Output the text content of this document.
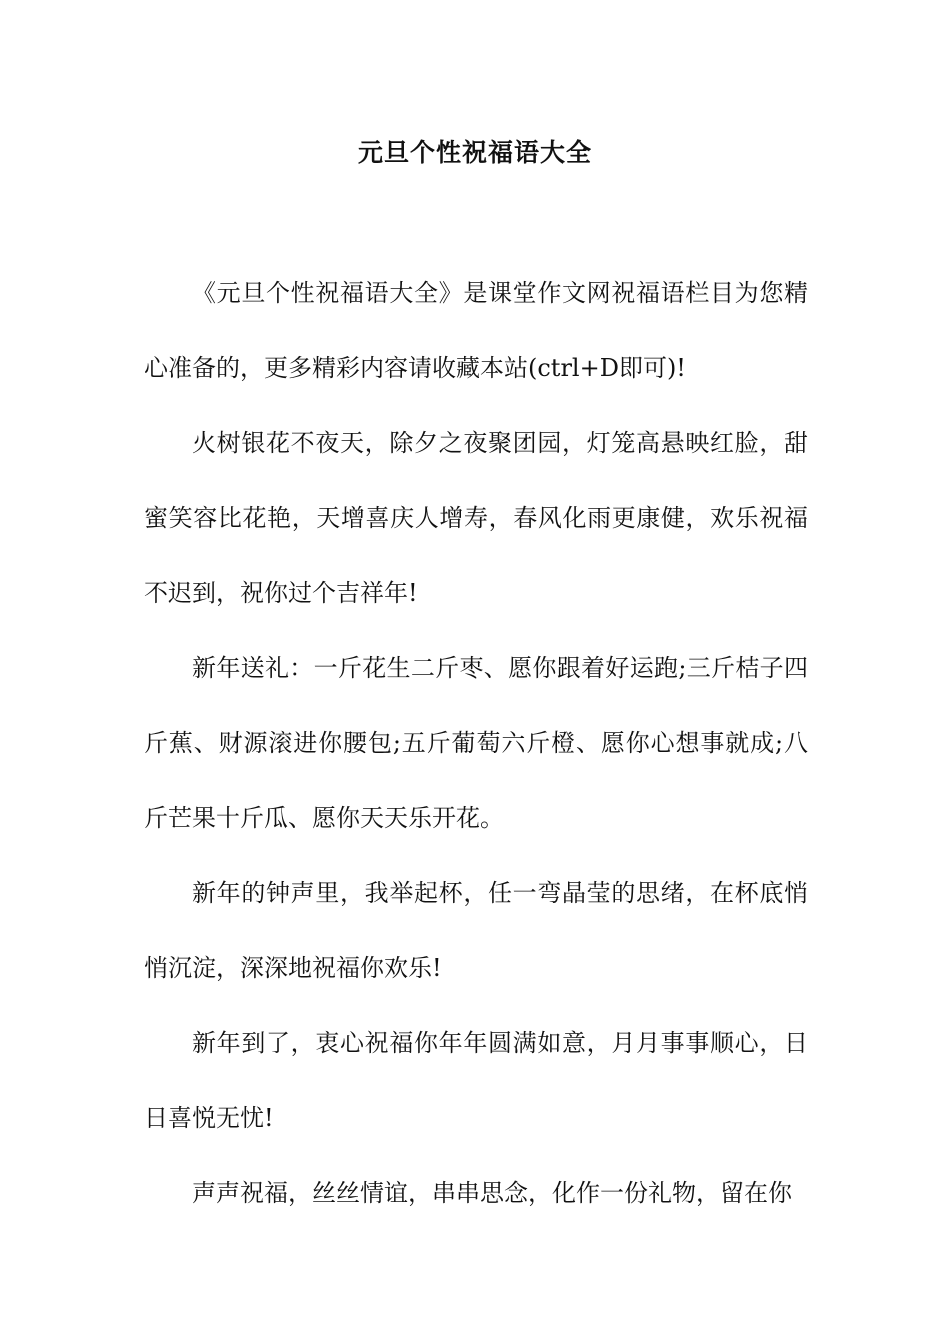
元旦个性祝福语大全

《元旦个性祝福语大全》是课堂作文网祝福语栏目为您精心准备的，更多精彩内容请收藏本站(ctrl+D即可)!

火树银花不夜天，除夕之夜聚团园，灯笼高悬映红脸，甜蜜笑容比花艳，天增喜庆人增寿，春风化雨更康健，欢乐祝福不迟到，祝你过个吉祥年!

新年送礼：一斤花生二斤枣、愿你跟着好运跑;三斤桔子四斤蕉、财源滚进你腰包;五斤葡萄六斤橙、愿你心想事就成;八斤芒果十斤瓜、愿你天天乐开花。

新年的钟声里，我举起杯，任一弯晶莹的思绪，在杯底悄悄沉淀，深深地祝福你欢乐!

新年到了，衷心祝福你年年圆满如意，月月事事顺心，日日喜悦无忧!

声声祝福，丝丝情谊，串串思念，化作一份礼物，留在你
